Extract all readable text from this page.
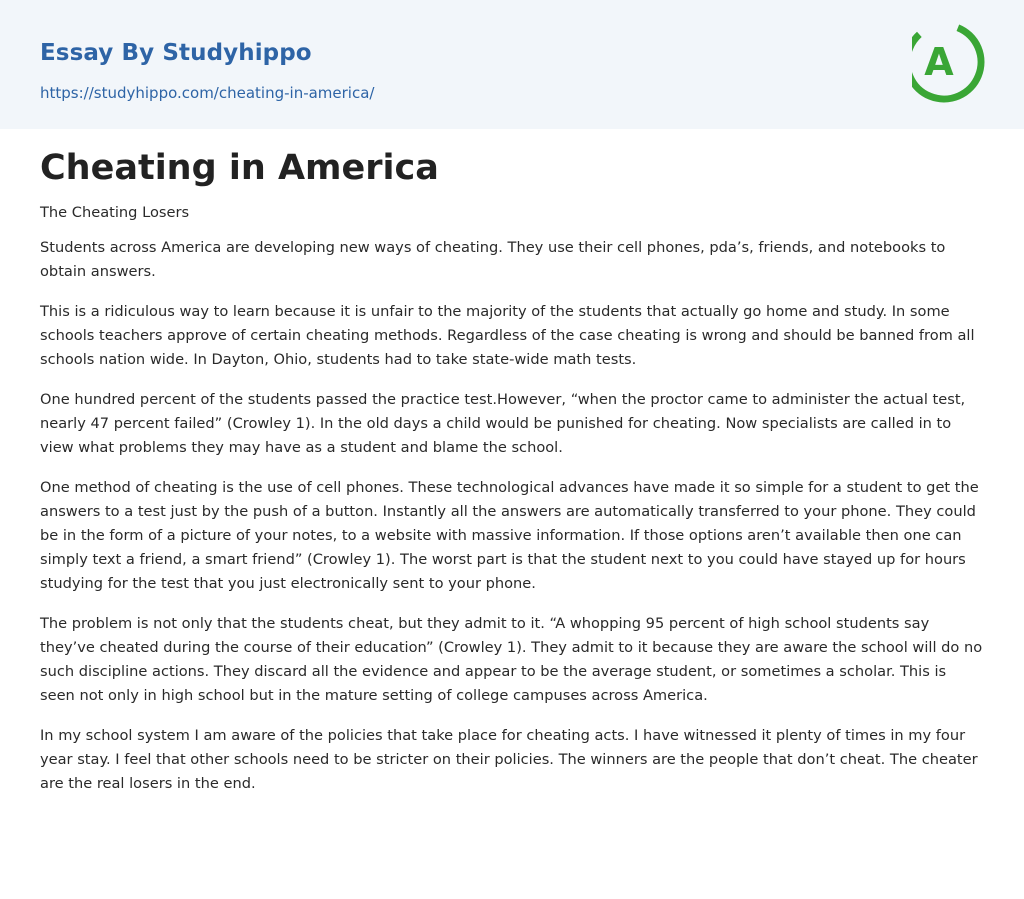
Essay By Studyhippo
https://studyhippo.com/cheating-in-america/
A
Cheating in America
The Cheating Losers

Students across America are developing new ways of cheating. They use their cell phones, pda’s, friends, and notebooks to obtain answers.

This is a ridiculous way to learn because it is unfair to the majority of the students that actually go home and study. In some schools teachers approve of certain cheating methods. Regardless of the case cheating is wrong and should be banned from all schools nation wide. In Dayton, Ohio, students had to take state-wide math tests.

One hundred percent of the students passed the practice test.However, “when the proctor came to administer the actual test, nearly 47 percent failed” (Crowley 1). In the old days a child would be punished for cheating. Now specialists are called in to view what problems they may have as a student and blame the school.

One method of cheating is the use of cell phones. These technological advances have made it so simple for a student to get the answers to a test just by the push of a button. Instantly all the answers are automatically transferred to your phone. They could be in the form of a picture of your notes, to a website with massive information. If those options aren’t available then one can simply text a friend, a smart friend” (Crowley 1). The worst part is that the student next to you could have stayed up for hours studying for the test that you just electronically sent to your phone.

The problem is not only that the students cheat, but they admit to it. “A whopping 95 percent of high school students say they’ve cheated during the course of their education” (Crowley 1). They admit to it because they are aware the school will do no such discipline actions. They discard all the evidence and appear to be the average student, or sometimes a scholar. This is seen not only in high school but in the mature setting of college campuses across America.

In my school system I am aware of the policies that take place for cheating acts. I have witnessed it plenty of times in my four year stay. I feel that other schools need to be stricter on their policies. The winners are the people that don’t cheat. The cheater are the real losers in the end.
